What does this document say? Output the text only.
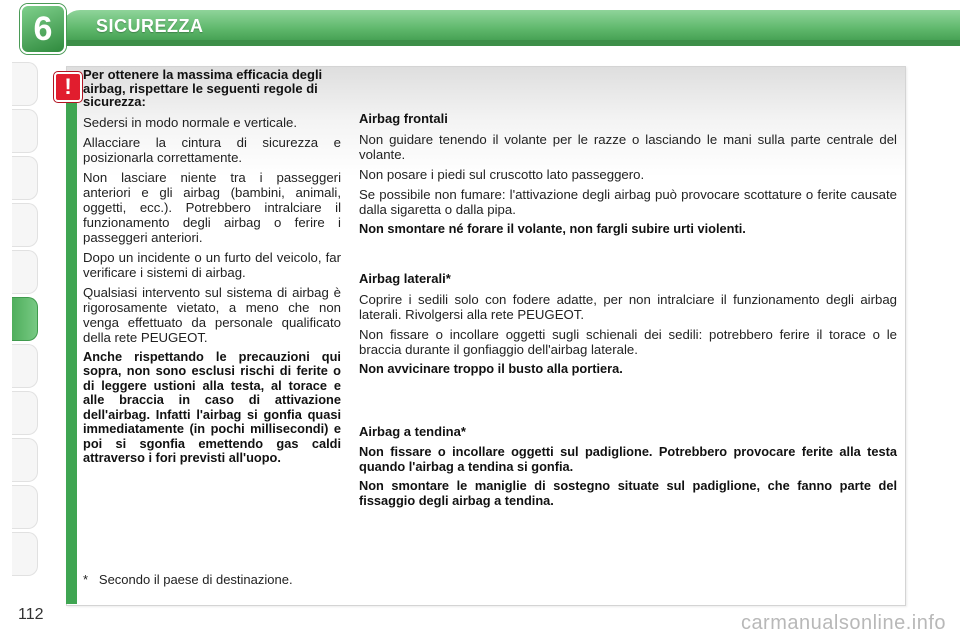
6	SICUREZZA
! Per ottenere la massima efficacia degli airbag, rispettare le seguenti regole di sicurezza:
Sedersi in modo normale e verticale.
Allacciare la cintura di sicurezza e posizionarla correttamente.
Non lasciare niente tra i passeggeri anteriori e gli airbag (bambini, animali, oggetti, ecc.). Potrebbero intralciare il funzionamento degli airbag o ferire i passeggeri anteriori.
Dopo un incidente o un furto del veicolo, far verificare i sistemi di airbag.
Qualsiasi intervento sul sistema di airbag è rigorosamente vietato, a meno che non venga effettuato da personale qualificato della rete PEUGEOT.
Anche rispettando le precauzioni qui sopra, non sono esclusi rischi di ferite o di leggere ustioni alla testa, al torace e alle braccia in caso di attivazione dell'airbag. Infatti l'airbag si gonfia quasi immediatamente (in pochi millisecondi) e poi si sgonfia emettendo gas caldi attraverso i fori previsti all'uopo.
Airbag frontali
Non guidare tenendo il volante per le razze o lasciando le mani sulla parte centrale del volante.
Non posare i piedi sul cruscotto lato passeggero.
Se possibile non fumare: l'attivazione degli airbag può provocare scottature o ferite causate dalla sigaretta o dalla pipa.
Non smontare né forare il volante, non fargli subire urti violenti.
Airbag laterali*
Coprire i sedili solo con fodere adatte, per non intralciare il funzionamento degli airbag laterali. Rivolgersi alla rete PEUGEOT.
Non fissare o incollare oggetti sugli schienali dei sedili: potrebbero ferire il torace o le braccia durante il gonfiaggio dell'airbag laterale.
Non avvicinare troppo il busto alla portiera.
Airbag a tendina*
Non fissare o incollare oggetti sul padiglione. Potrebbero provocare ferite alla testa quando l'airbag a tendina si gonfia.
Non smontare le maniglie di sostegno situate sul padiglione, che fanno parte del fissaggio degli airbag a tendina.
*   Secondo il paese di destinazione.
112	carmanualsonline.info
